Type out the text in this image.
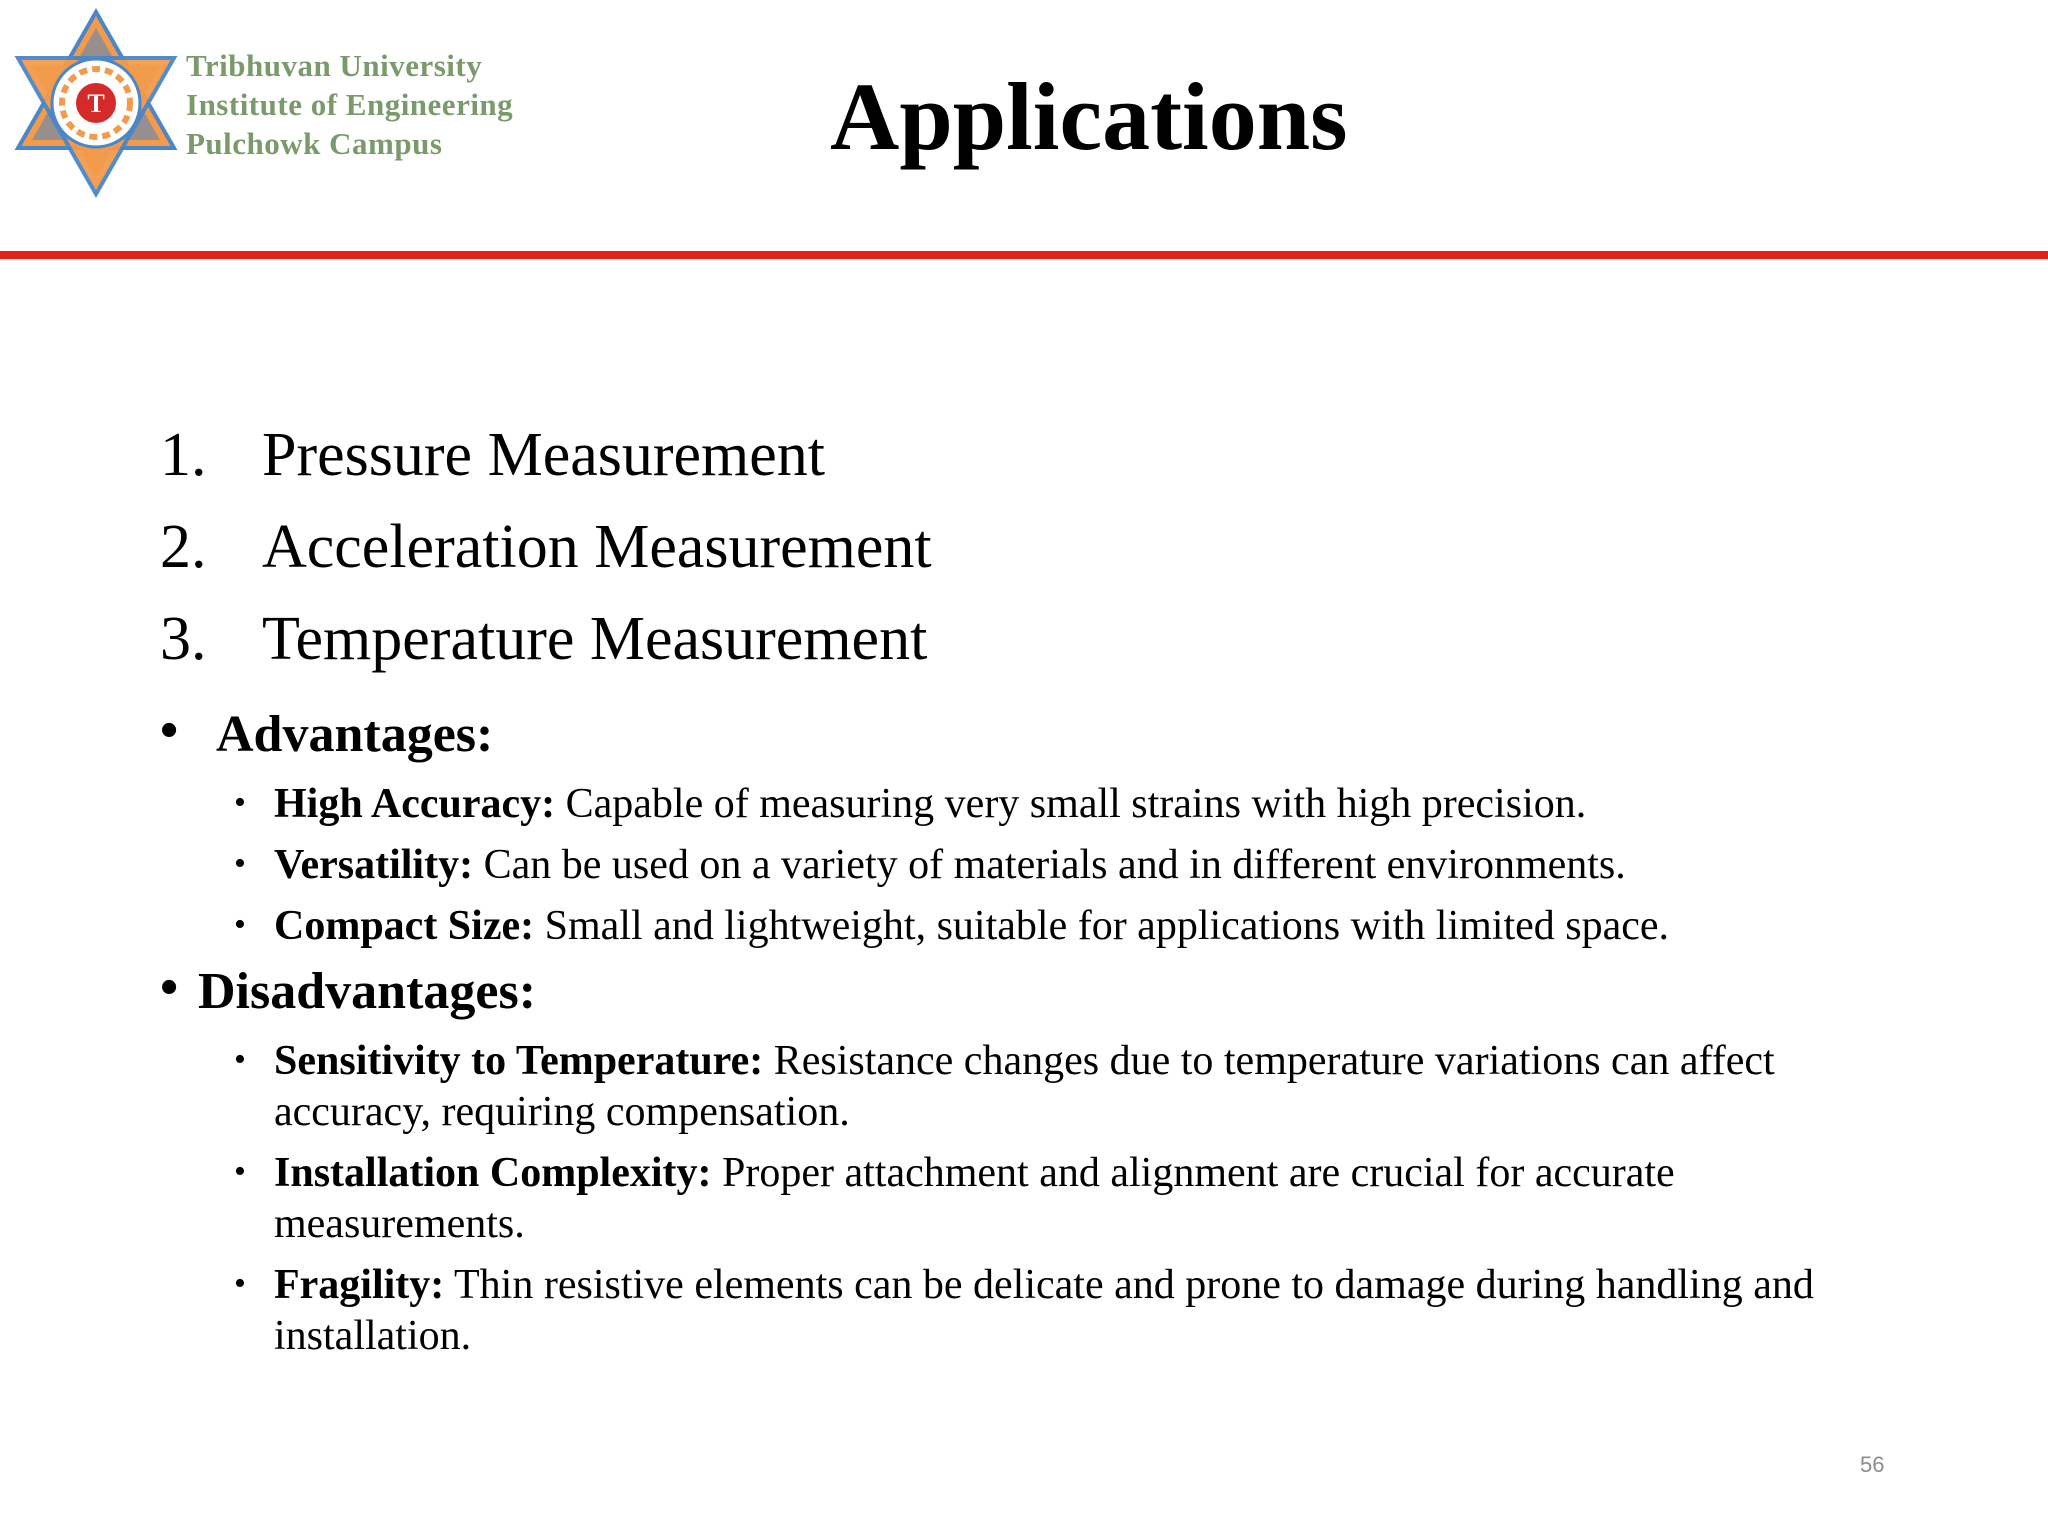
T
Tribhuvan University
Institute of Engineering
Pulchowk Campus	Applications
1. Pressure Measurement
2. Acceleration Measurement
3. Temperature Measurement
• Advantages:
• High Accuracy: Capable of measuring very small strains with high precision.
• Versatility: Can be used on a variety of materials and in different environments.
• Compact Size: Small and lightweight, suitable for applications with limited space.
• Disadvantages:
• Sensitivity to Temperature: Resistance changes due to temperature variations can affect accuracy, requiring compensation.
• Installation Complexity: Proper attachment and alignment are crucial for accurate measurements.
• Fragility: Thin resistive elements can be delicate and prone to damage during handling and installation.
56
